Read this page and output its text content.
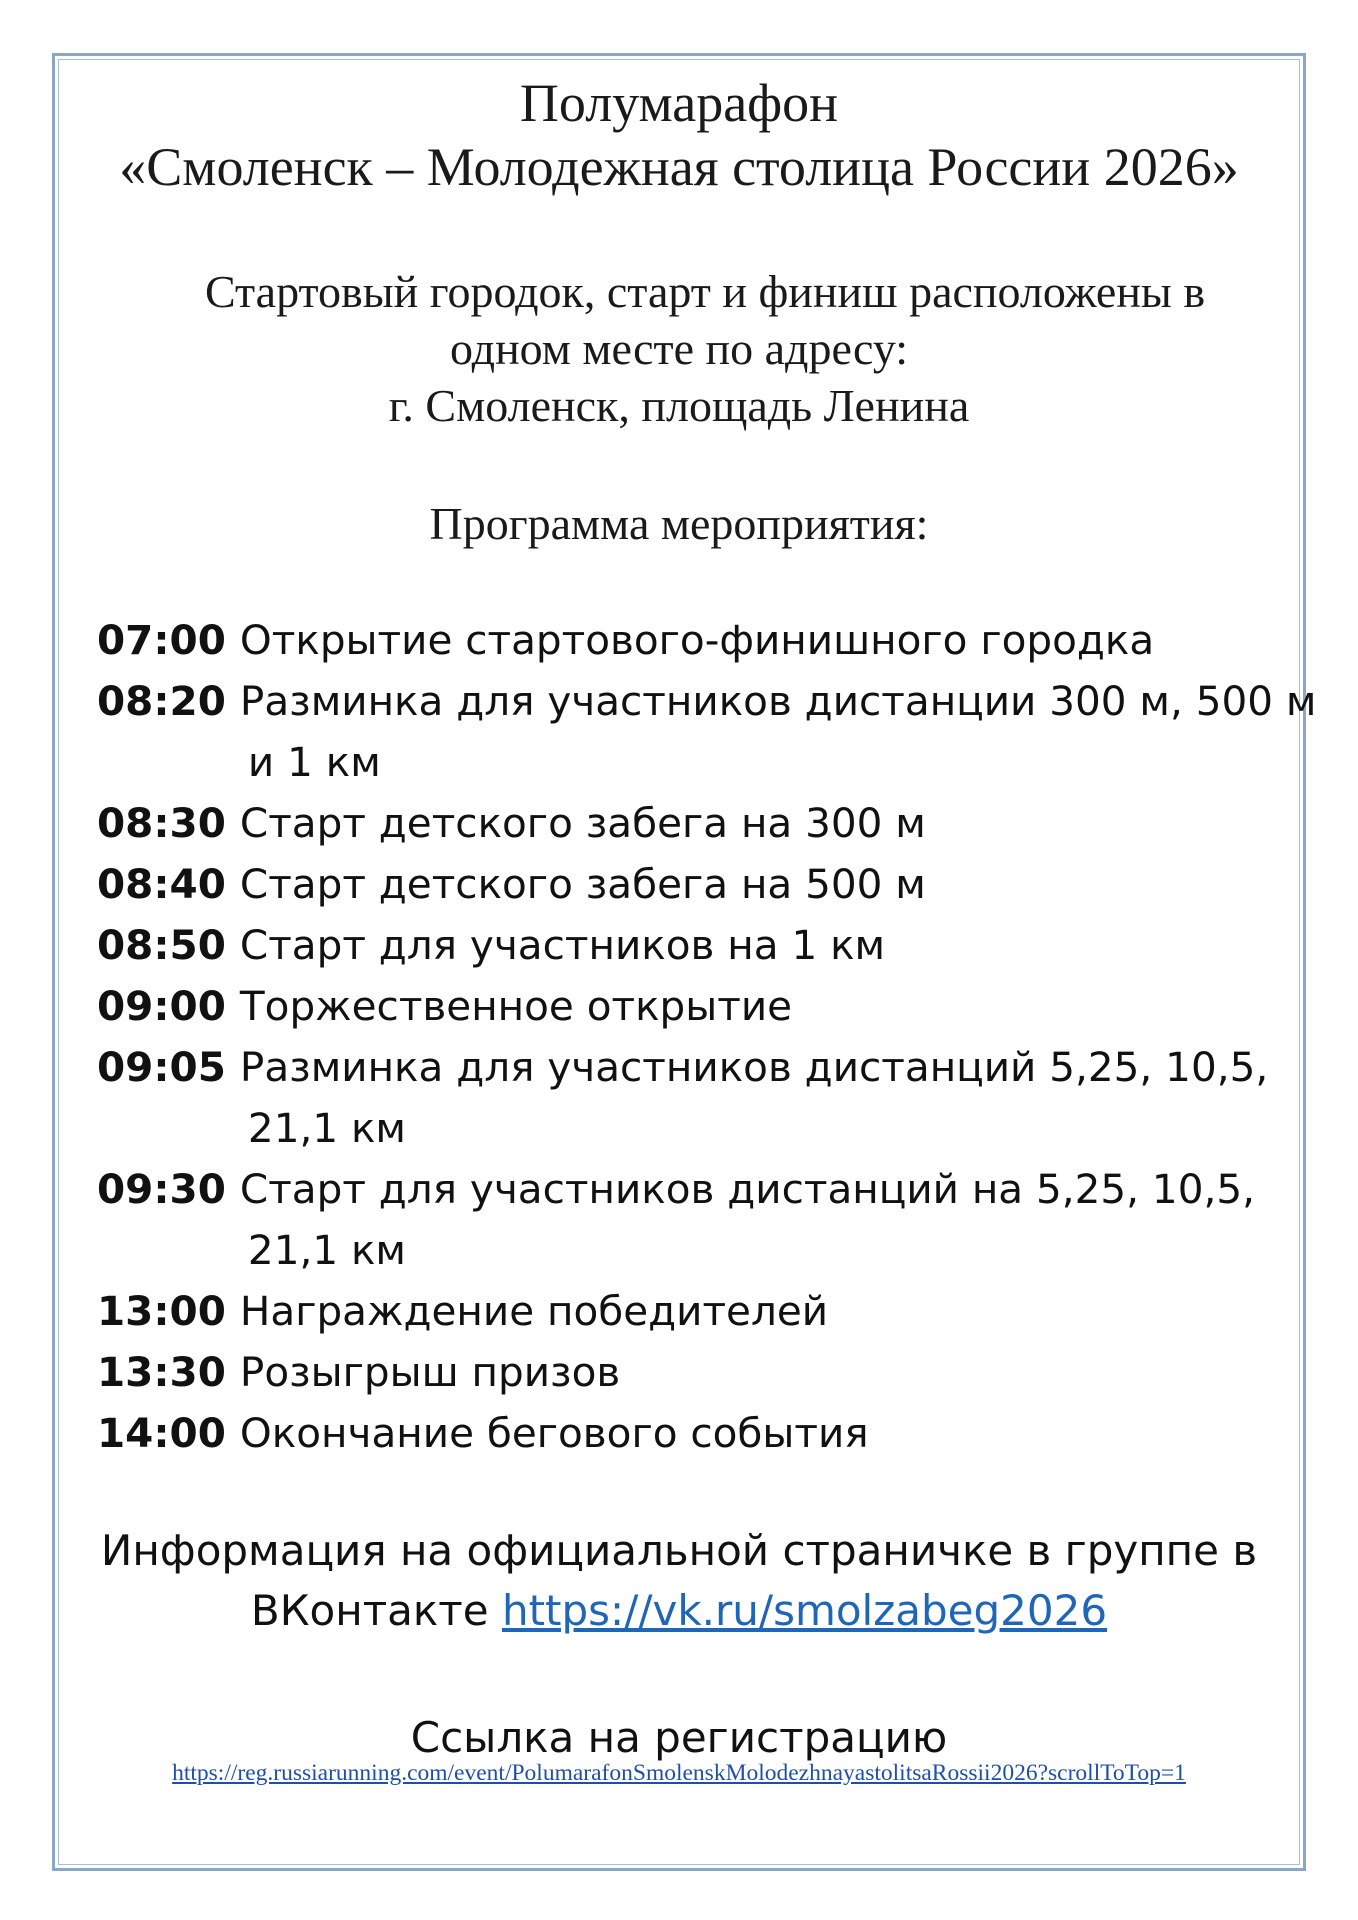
Полумарафон
«Смоленск – Молодежная столица России 2026»

Стартовый городок, старт и финиш расположены в

одном месте по адресу:

г. Смоленск, площадь Ленина

Программа мероприятия:

07:00 Открытие стартового-финишного городка
08:20 Разминка для участников дистанции 300 м, 500 м
и 1 км
08:30 Старт детского забега на 300 м
08:40 Старт детского забега на 500 м
08:50 Старт для участников на 1 км
09:00 Торжественное открытие
09:05 Разминка для участников дистанций 5,25, 10,5,
21,1 км
09:30 Старт для участников дистанций на 5,25, 10,5,
21,1 км
13:00 Награждение победителей
13:30 Розыгрыш призов
14:00 Окончание бегового события

Информация на официальной страничке в группе в

ВКонтакте https://vk.ru/smolzabeg2026

Ссылка на регистрацию

https://reg.russiarunning.com/event/PolumarafonSmolenskMolodezhnayastolitsaRossii2026?scrollToTop=1
